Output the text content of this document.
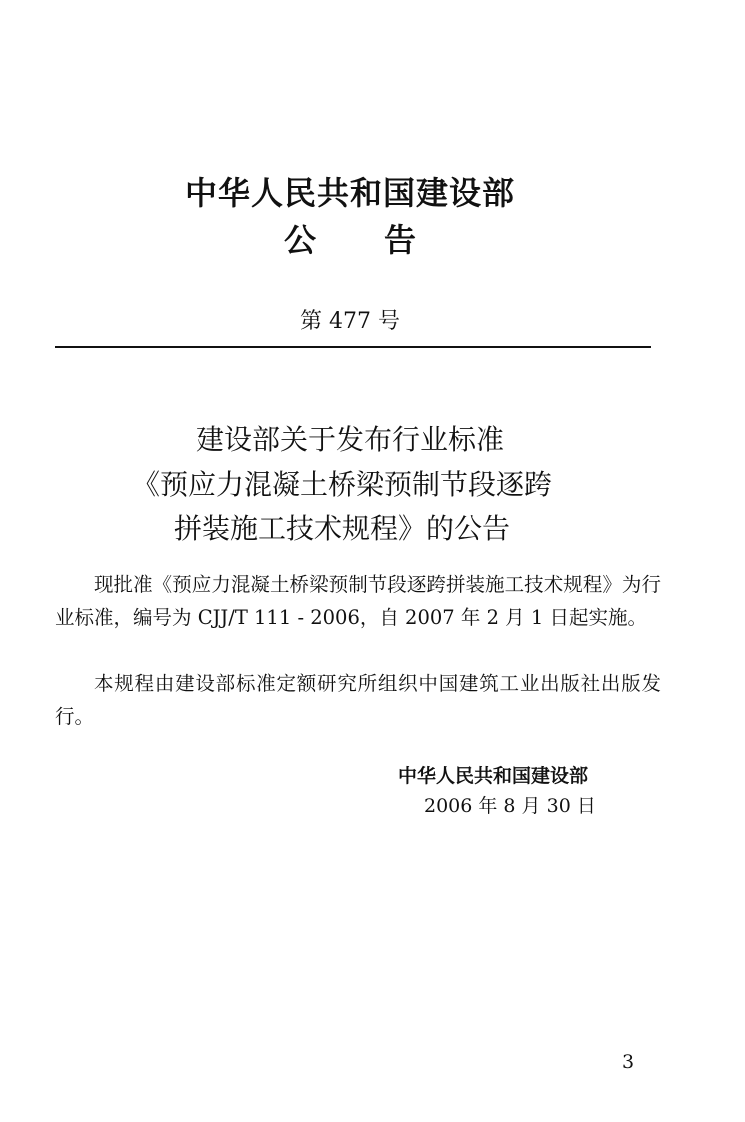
中华人民共和国建设部
公 告
第 477 号
建设部关于发布行业标准
《预应力混凝土桥梁预制节段逐跨
拼装施工技术规程》的公告
现批准《预应力混凝土桥梁预制节段逐跨拼装施工技术规程》为行业标准，编号为 CJJ/T 111 - 2006，自 2007 年 2 月 1 日起实施。
本规程由建设部标准定额研究所组织中国建筑工业出版社出版发行。
中华人民共和国建设部
2006 年 8 月 30 日
3
